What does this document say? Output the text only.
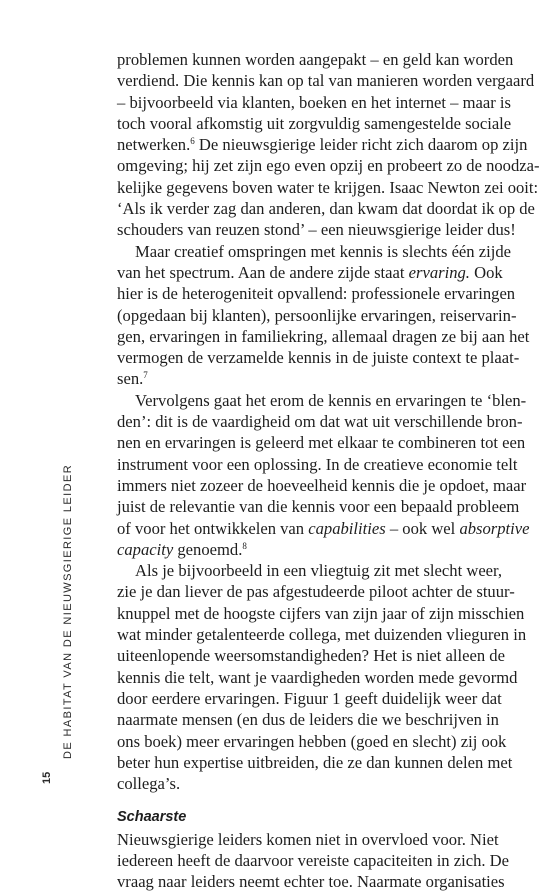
15
DE HABITAT VAN DE NIEUWSGIERIGE LEIDER
problemen kunnen worden aangepakt – en geld kan worden
verdiend. Die kennis kan op tal van manieren worden vergaard
– bijvoorbeeld via klanten, boeken en het internet – maar is
toch vooral afkomstig uit zorgvuldig samengestelde sociale
netwerken.$^6$ De nieuwsgierige leider richt zich daarom op zijn
omgeving; hij zet zijn ego even opzij en probeert zo de noodza-
kelijke gegevens boven water te krijgen. Isaac Newton zei ooit:
‘Als ik verder zag dan anderen, dan kwam dat doordat ik op de
schouders van reuzen stond’ – een nieuwsgierige leider dus!
Maar creatief omspringen met kennis is slechts één zijde
van het spectrum. Aan de andere zijde staat ervaring. Ook
hier is de heterogeniteit opvallend: professionele ervaringen
(opgedaan bij klanten), persoonlijke ervaringen, reiservarin-
gen, ervaringen in familiekring, allemaal dragen ze bij aan het
vermogen de verzamelde kennis in de juiste context te plaat-
sen.$^7$
Vervolgens gaat het erom de kennis en ervaringen te ‘blen-
den’: dit is de vaardigheid om dat wat uit verschillende bron-
nen en ervaringen is geleerd met elkaar te combineren tot een
instrument voor een oplossing. In de creatieve economie telt
immers niet zozeer de hoeveelheid kennis die je opdoet, maar
juist de relevantie van die kennis voor een bepaald probleem
of voor het ontwikkelen van capabilities – ook wel absorptive
capacity genoemd.$^8$
Als je bijvoorbeeld in een vliegtuig zit met slecht weer,
zie je dan liever de pas afgestudeerde piloot achter de stuur-
knuppel met de hoogste cijfers van zijn jaar of zijn misschien
wat minder getalenteerde collega, met duizenden vlieguren in
uiteenlopende weersomstandigheden? Het is niet alleen de
kennis die telt, want je vaardigheden worden mede gevormd
door eerdere ervaringen. Figuur 1 geeft duidelijk weer dat
naarmate mensen (en dus de leiders die we beschrijven in
ons boek) meer ervaringen hebben (goed en slecht) zij ook
beter hun expertise uitbreiden, die ze dan kunnen delen met
collega’s.
Schaarste
Nieuwsgierige leiders komen niet in overvloed voor. Niet
iedereen heeft de daarvoor vereiste capaciteiten in zich. De
vraag naar leiders neemt echter toe. Naarmate organisaties
